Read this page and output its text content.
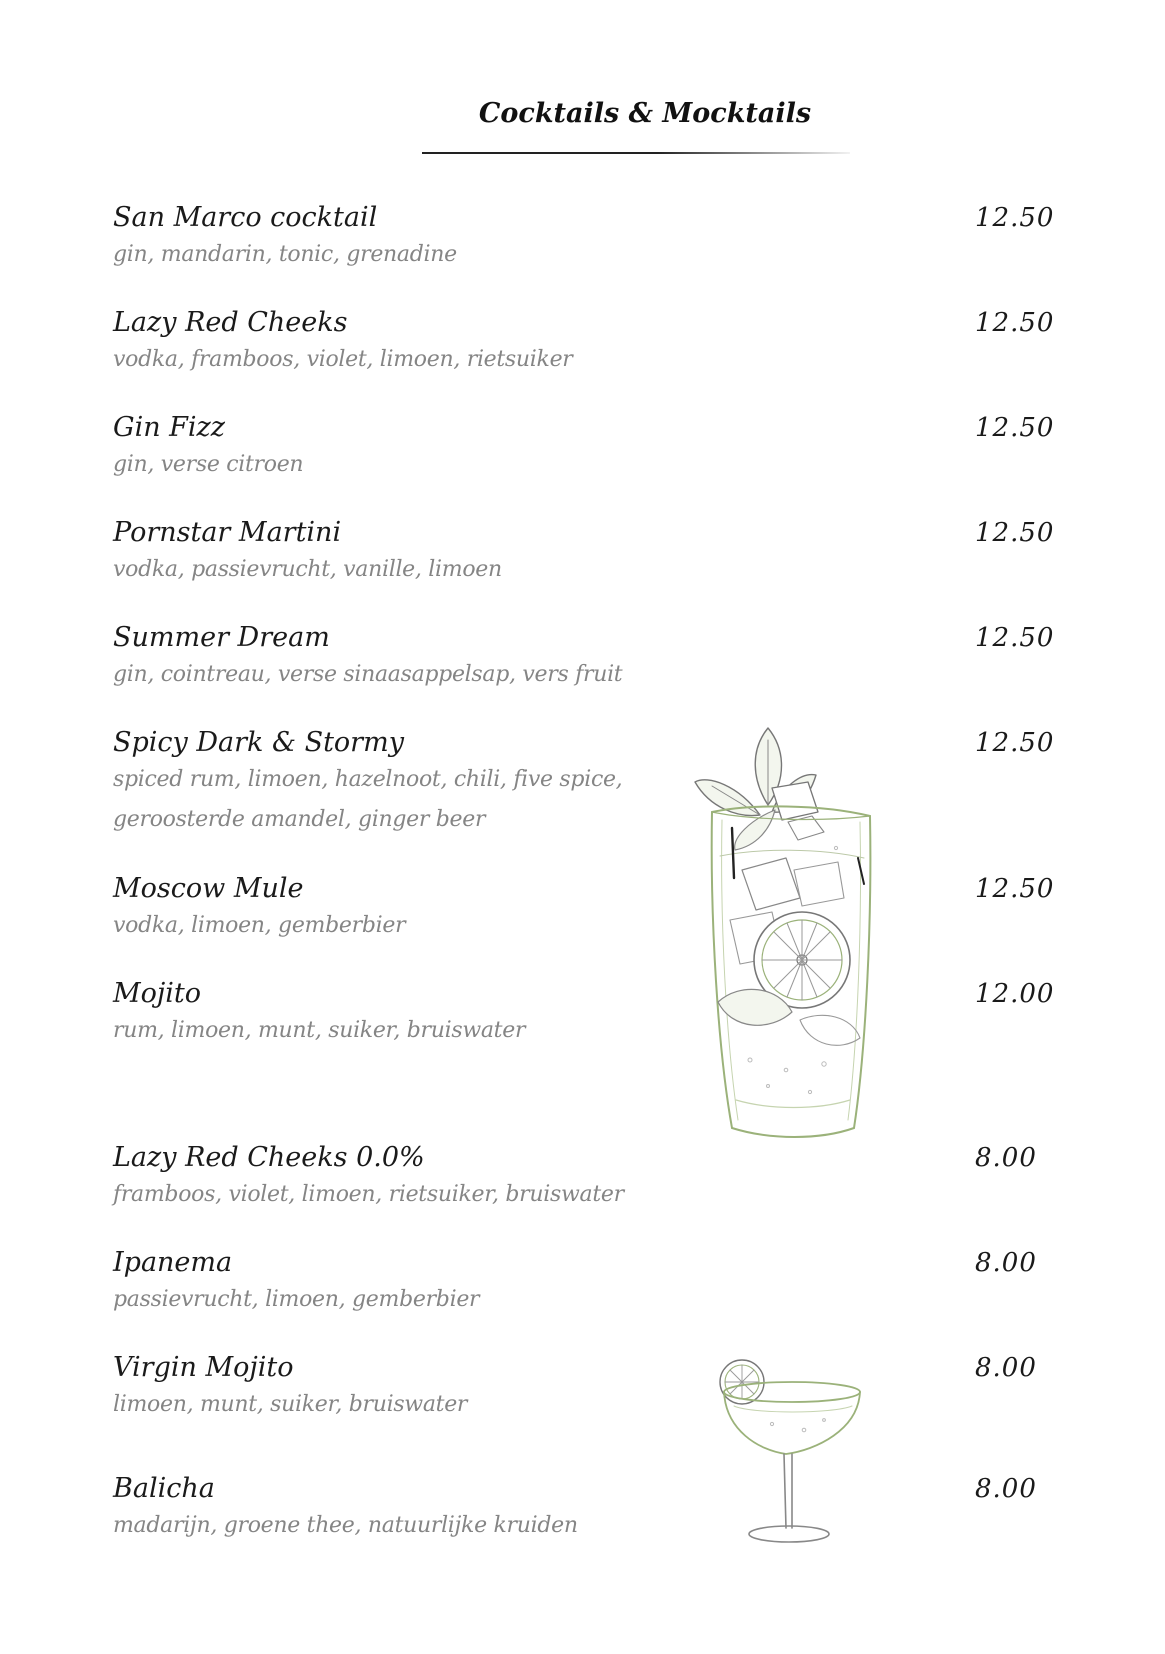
Cocktails & Mocktails
San Marco cocktail
gin, mandarin, tonic, grenadine
12.50
Lazy Red Cheeks
vodka, framboos, violet, limoen, rietsuiker
12.50
Gin Fizz
gin, verse citroen
12.50
Pornstar Martini
vodka, passievrucht, vanille, limoen
12.50
Summer Dream
gin, cointreau, verse sinaasappelsap, vers fruit
12.50
Spicy Dark & Stormy
spiced rum, limoen, hazelnoot, chili, five spice,
geroosterde amandel, ginger beer
12.50
Moscow Mule
vodka, limoen, gemberbier
12.50
Mojito
rum, limoen, munt, suiker, bruiswater
12.00
Lazy Red Cheeks 0.0%
framboos, violet, limoen, rietsuiker, bruiswater
8.00
Ipanema
passievrucht, limoen, gemberbier
8.00
Virgin Mojito
limoen, munt, suiker, bruiswater
8.00
Balicha
madarijn, groene thee, natuurlijke kruiden
8.00
